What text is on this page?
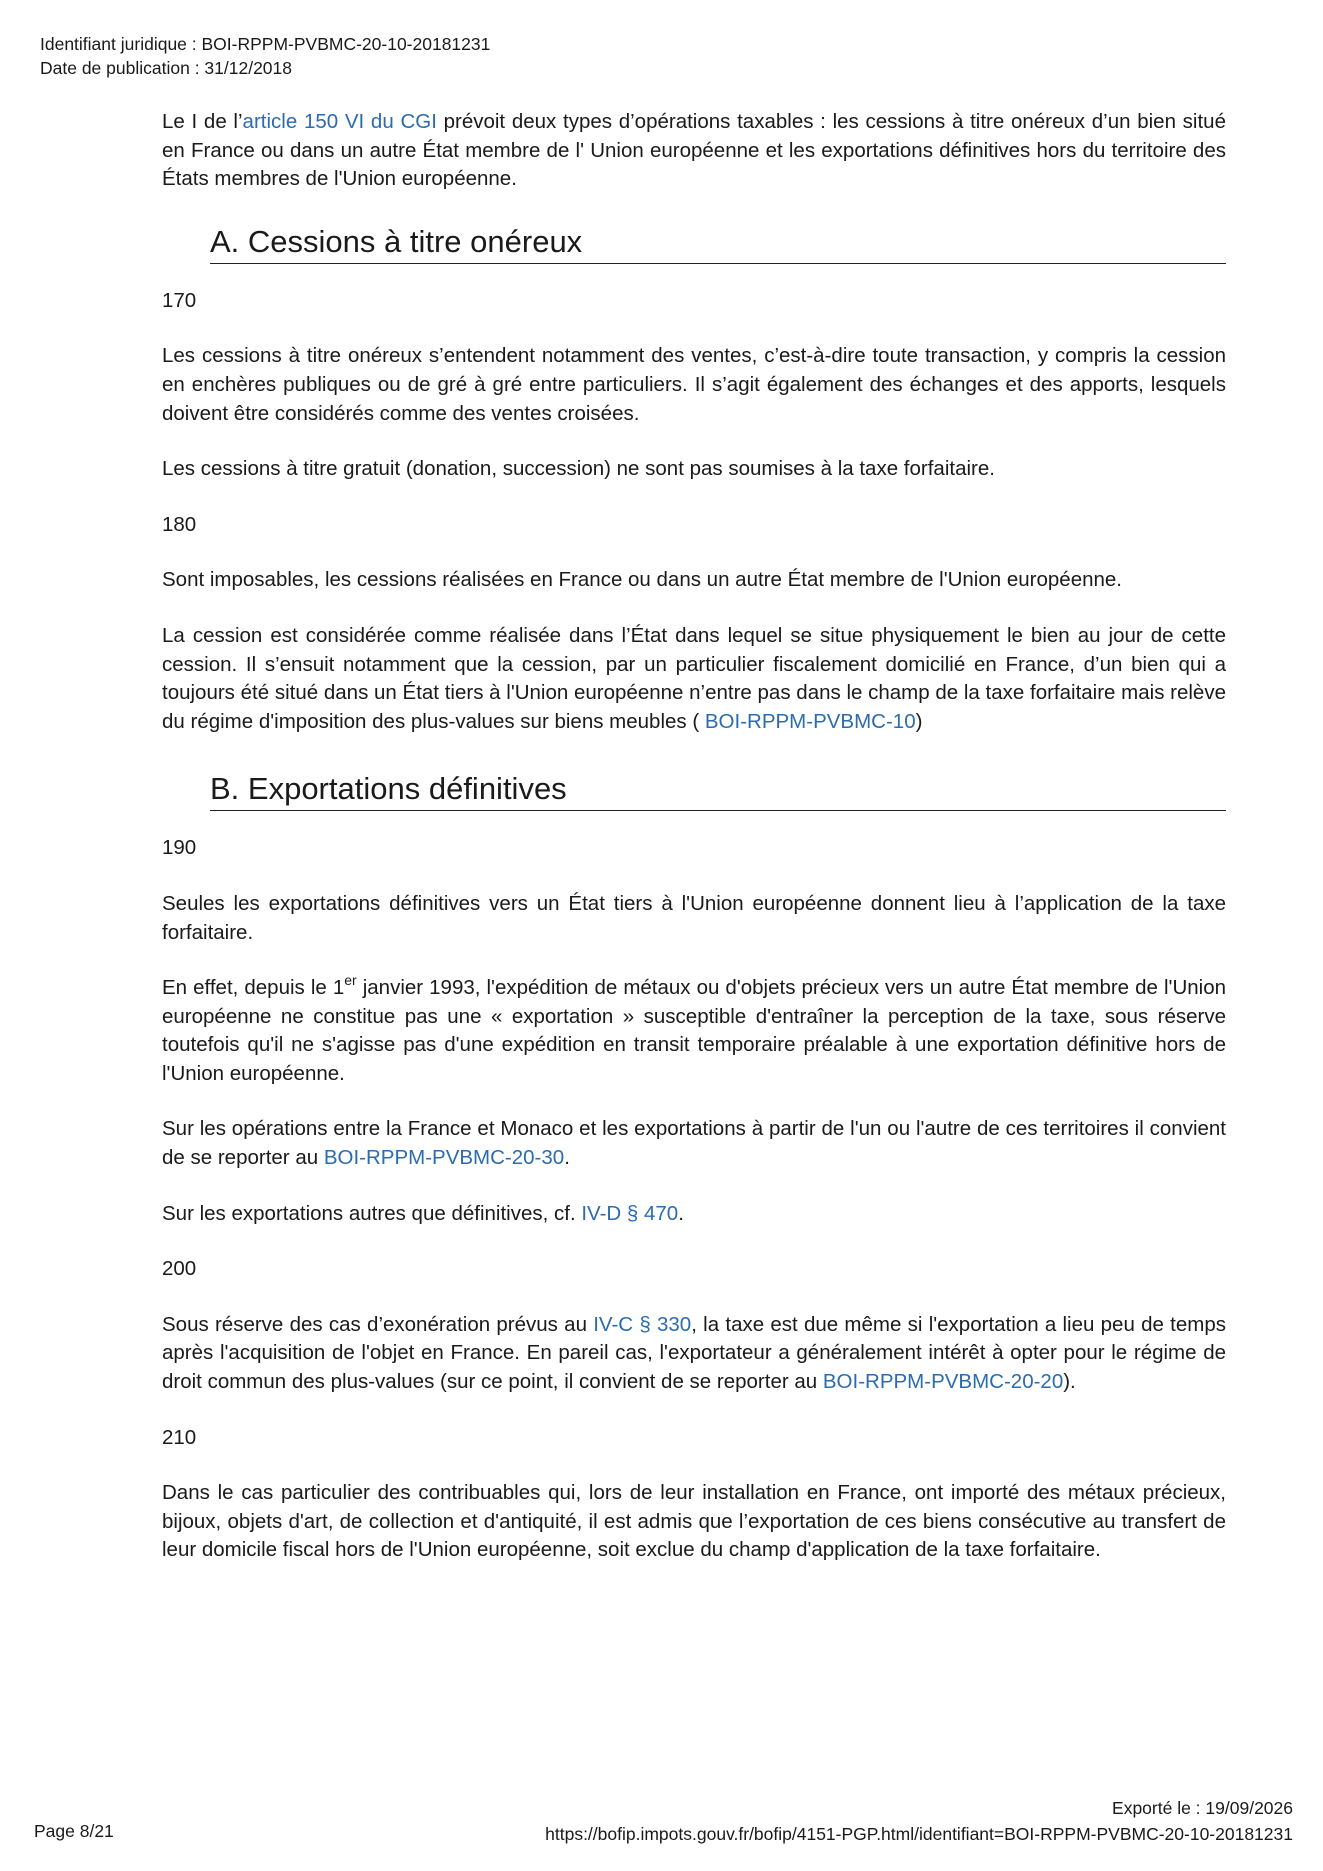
Identifiant juridique : BOI-RPPM-PVBMC-20-10-20181231
Date de publication : 31/12/2018

Le I de l’article 150 VI du CGI prévoit deux types d’opérations taxables : les cessions à titre onéreux d’un bien situé en France ou dans un autre État membre de l' Union européenne et les exportations définitives hors du territoire des États membres de l'Union européenne.

A. Cessions à titre onéreux
170

Les cessions à titre onéreux s’entendent notamment des ventes, c’est-à-dire toute transaction, y compris la cession en enchères publiques ou de gré à gré entre particuliers. Il s’agit également des échanges et des apports, lesquels doivent être considérés comme des ventes croisées.

Les cessions à titre gratuit (donation, succession) ne sont pas soumises à la taxe forfaitaire.

180

Sont imposables, les cessions réalisées en France ou dans un autre État membre de l'Union européenne.

La cession est considérée comme réalisée dans l’État dans lequel se situe physiquement le bien au jour de cette cession. Il s’ensuit notamment que la cession, par un particulier fiscalement domicilié en France, d’un bien qui a toujours été situé dans un État tiers à l'Union européenne n’entre pas dans le champ de la taxe forfaitaire mais relève du régime d'imposition des plus-values sur biens meubles ( BOI-RPPM-PVBMC-10)

B. Exportations définitives
190

Seules les exportations définitives vers un État tiers à l'Union européenne donnent lieu à l’application de la taxe forfaitaire.

En effet, depuis le 1er janvier 1993, l'expédition de métaux ou d'objets précieux vers un autre État membre de l'Union européenne ne constitue pas une « exportation » susceptible d'entraîner la perception de la taxe, sous réserve toutefois qu'il ne s'agisse pas d'une expédition en transit temporaire préalable à une exportation définitive hors de l'Union européenne.

Sur les opérations entre la France et Monaco et les exportations à partir de l'un ou l'autre de ces territoires il convient de se reporter au BOI-RPPM-PVBMC-20-30.

Sur les exportations autres que définitives, cf. IV-D § 470.

200

Sous réserve des cas d’exonération prévus au IV-C § 330, la taxe est due même si l'exportation a lieu peu de temps après l'acquisition de l'objet en France. En pareil cas, l'exportateur a généralement intérêt à opter pour le régime de droit commun des plus-values (sur ce point, il convient de se reporter au BOI-RPPM-PVBMC-20-20).

210

Dans le cas particulier des contribuables qui, lors de leur installation en France, ont importé des métaux précieux, bijoux, objets d'art, de collection et d'antiquité, il est admis que l’exportation de ces biens consécutive au transfert de leur domicile fiscal hors de l'Union européenne, soit exclue du champ d'application de la taxe forfaitaire.

Page 8/21
Exporté le : 19/09/2026
https://bofip.impots.gouv.fr/bofip/4151-PGP.html/identifiant=BOI-RPPM-PVBMC-20-10-20181231
